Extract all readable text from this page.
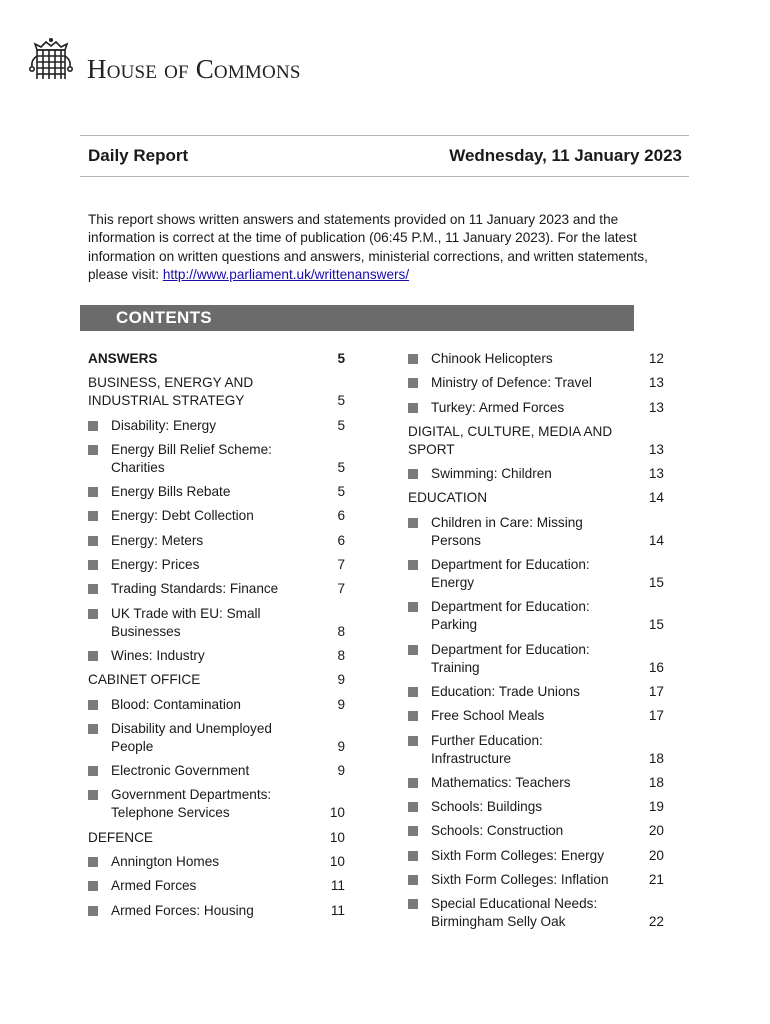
House of Commons
Daily Report	Wednesday, 11 January 2023
This report shows written answers and statements provided on 11 January 2023 and the information is correct at the time of publication (06:45 P.M., 11 January 2023). For the latest information on written questions and answers, ministerial corrections, and written statements, please visit: http://www.parliament.uk/writtenanswers/
CONTENTS
ANSWERS	5
BUSINESS, ENERGY AND INDUSTRIAL STRATEGY	5
Disability: Energy	5
Energy Bill Relief Scheme: Charities	5
Energy Bills Rebate	5
Energy: Debt Collection	6
Energy: Meters	6
Energy: Prices	7
Trading Standards: Finance	7
UK Trade with EU: Small Businesses	8
Wines: Industry	8
CABINET OFFICE	9
Blood: Contamination	9
Disability and Unemployed People	9
Electronic Government	9
Government Departments: Telephone Services	10
DEFENCE	10
Annington Homes	10
Armed Forces	11
Armed Forces: Housing	11
Chinook Helicopters	12
Ministry of Defence: Travel	13
Turkey: Armed Forces	13
DIGITAL, CULTURE, MEDIA AND SPORT	13
Swimming: Children	13
EDUCATION	14
Children in Care: Missing Persons	14
Department for Education: Energy	15
Department for Education: Parking	15
Department for Education: Training	16
Education: Trade Unions	17
Free School Meals	17
Further Education: Infrastructure	18
Mathematics: Teachers	18
Schools: Buildings	19
Schools: Construction	20
Sixth Form Colleges: Energy	20
Sixth Form Colleges: Inflation	21
Special Educational Needs: Birmingham Selly Oak	22
